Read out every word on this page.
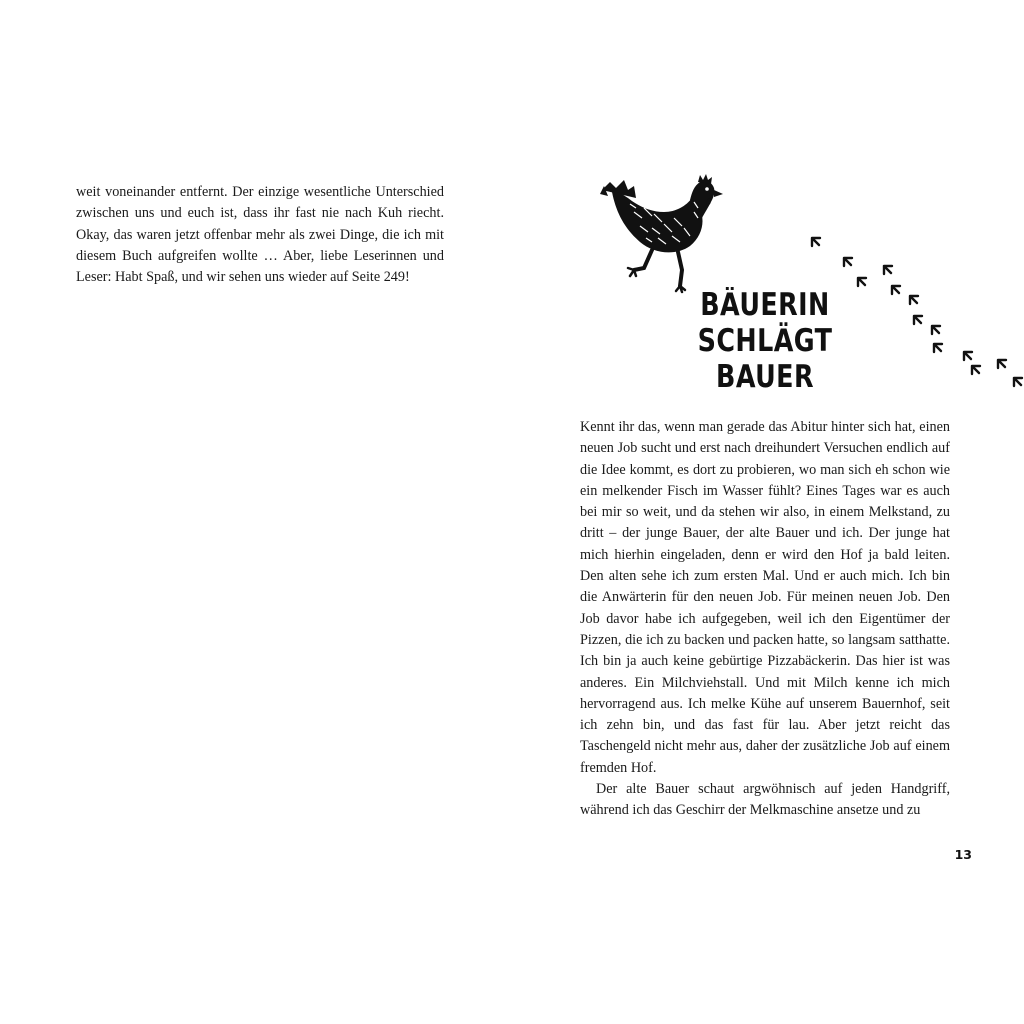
weit voneinander entfernt. Der einzige wesentliche Unterschied zwischen uns und euch ist, dass ihr fast nie nach Kuh riecht. Okay, das waren jetzt offenbar mehr als zwei Dinge, die ich mit diesem Buch aufgreifen wollte … Aber, liebe Leserinnen und Leser: Habt Spaß, und wir sehen uns wieder auf Seite 249!

BÄUERIN
SCHLÄGT BAUER

Kennt ihr das, wenn man gerade das Abitur hinter sich hat, einen neuen Job sucht und erst nach dreihundert Versuchen endlich auf die Idee kommt, es dort zu probieren, wo man sich eh schon wie ein melkender Fisch im Wasser fühlt? Eines Tages war es auch bei mir so weit, und da stehen wir also, in einem Melkstand, zu dritt – der junge Bauer, der alte Bauer und ich. Der junge hat mich hierhin eingeladen, denn er wird den Hof ja bald leiten. Den alten sehe ich zum ersten Mal. Und er auch mich. Ich bin die Anwärterin für den neuen Job. Für meinen neuen Job. Den Job davor habe ich aufgegeben, weil ich den Eigentümer der Pizzen, die ich zu backen und packen hatte, so langsam satthatte. Ich bin ja auch keine gebürtige Pizzabäckerin. Das hier ist was anderes. Ein Milchviehstall. Und mit Milch kenne ich mich hervorragend aus. Ich melke Kühe auf unserem Bauernhof, seit ich zehn bin, und das fast für lau. Aber jetzt reicht das Taschengeld nicht mehr aus, daher der zusätzliche Job auf einem fremden Hof.

Der alte Bauer schaut argwöhnisch auf jeden Handgriff, während ich das Geschirr der Melkmaschine ansetze und zu

13
